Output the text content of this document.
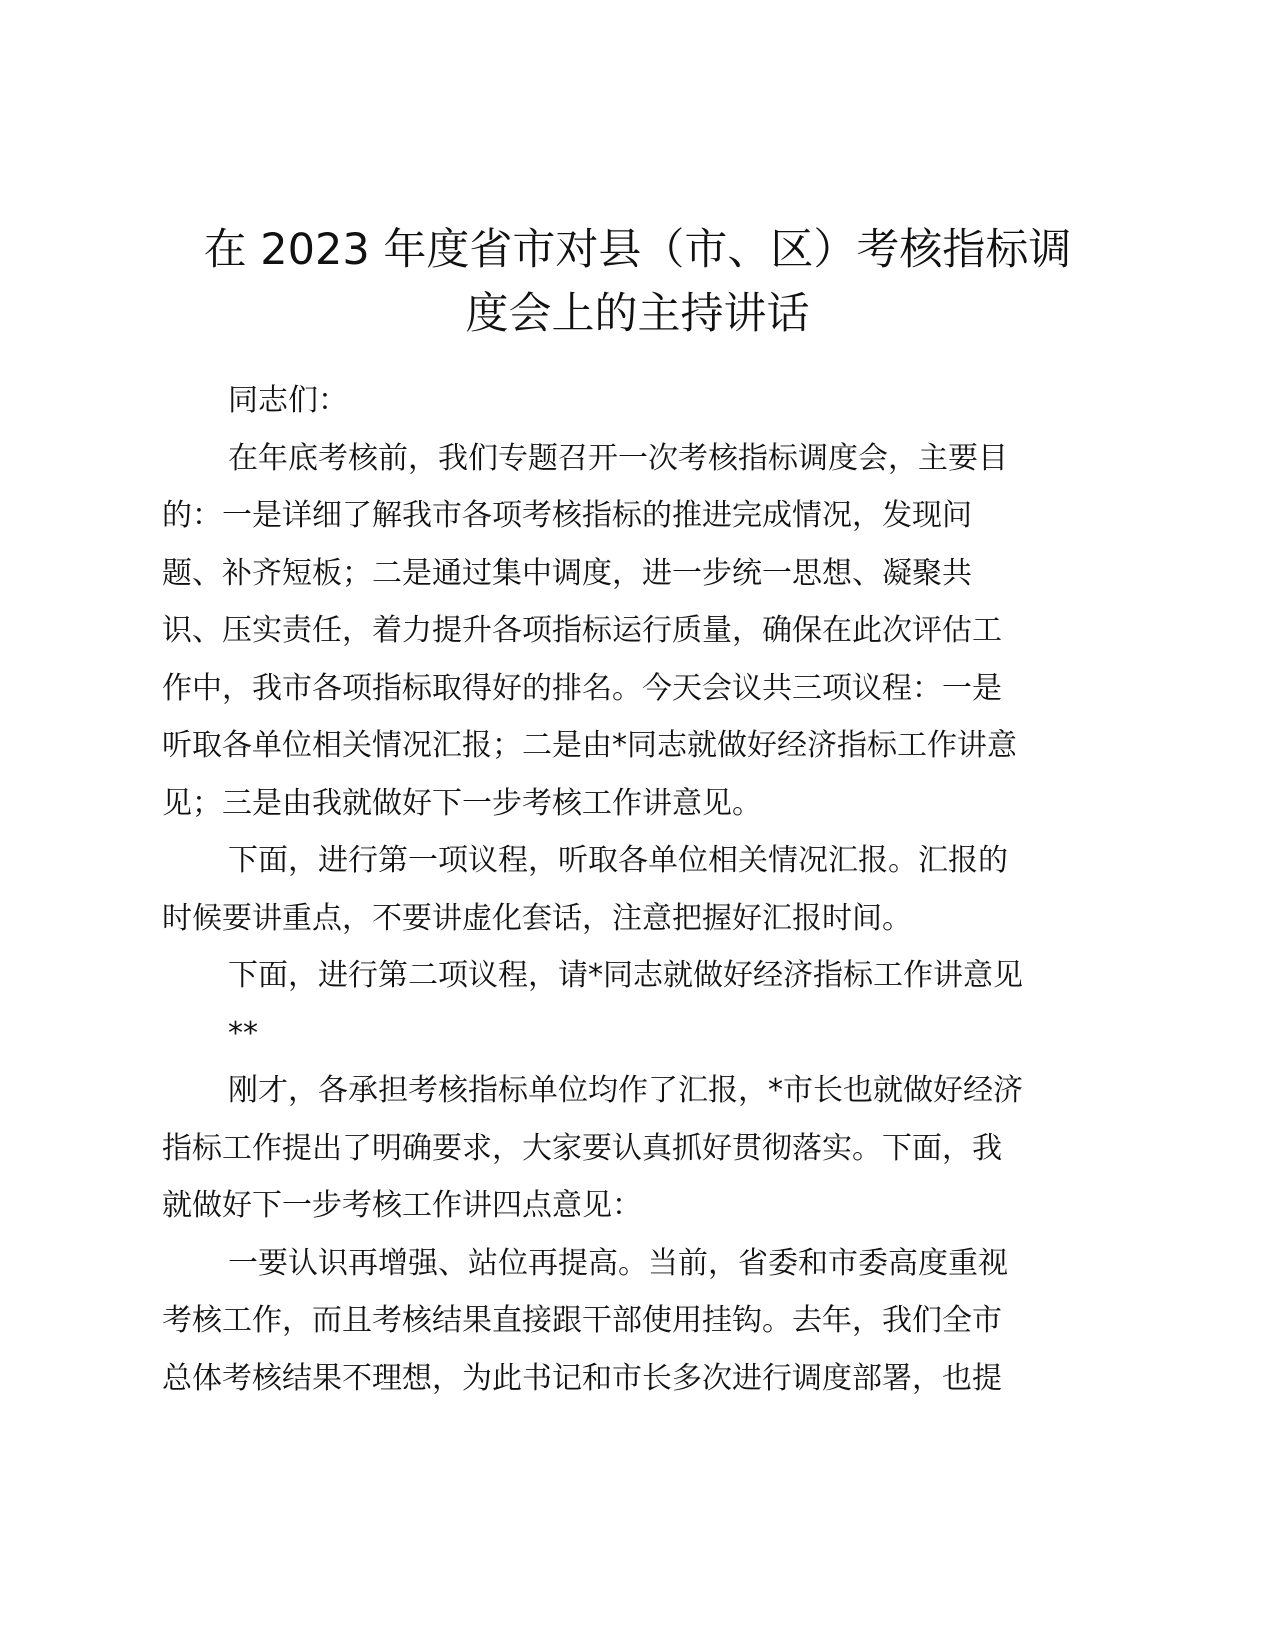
在 2023 年度省市对县（市、区）考核指标调
度会上的主持讲话
同志们：
在年底考核前，我们专题召开一次考核指标调度会，主要目
的：一是详细了解我市各项考核指标的推进完成情况，发现问
题、补齐短板；二是通过集中调度，进一步统一思想、凝聚共
识、压实责任，着力提升各项指标运行质量，确保在此次评估工
作中，我市各项指标取得好的排名。今天会议共三项议程：一是
听取各单位相关情况汇报；二是由*同志就做好经济指标工作讲意
见；三是由我就做好下一步考核工作讲意见。
下面，进行第一项议程，听取各单位相关情况汇报。汇报的
时候要讲重点，不要讲虚化套话，注意把握好汇报时间。
下面，进行第二项议程，请*同志就做好经济指标工作讲意见
**
刚才，各承担考核指标单位均作了汇报，*市长也就做好经济
指标工作提出了明确要求，大家要认真抓好贯彻落实。下面，我
就做好下一步考核工作讲四点意见：
一要认识再增强、站位再提高。当前，省委和市委高度重视
考核工作，而且考核结果直接跟干部使用挂钩。去年，我们全市
总体考核结果不理想，为此书记和市长多次进行调度部署，也提
